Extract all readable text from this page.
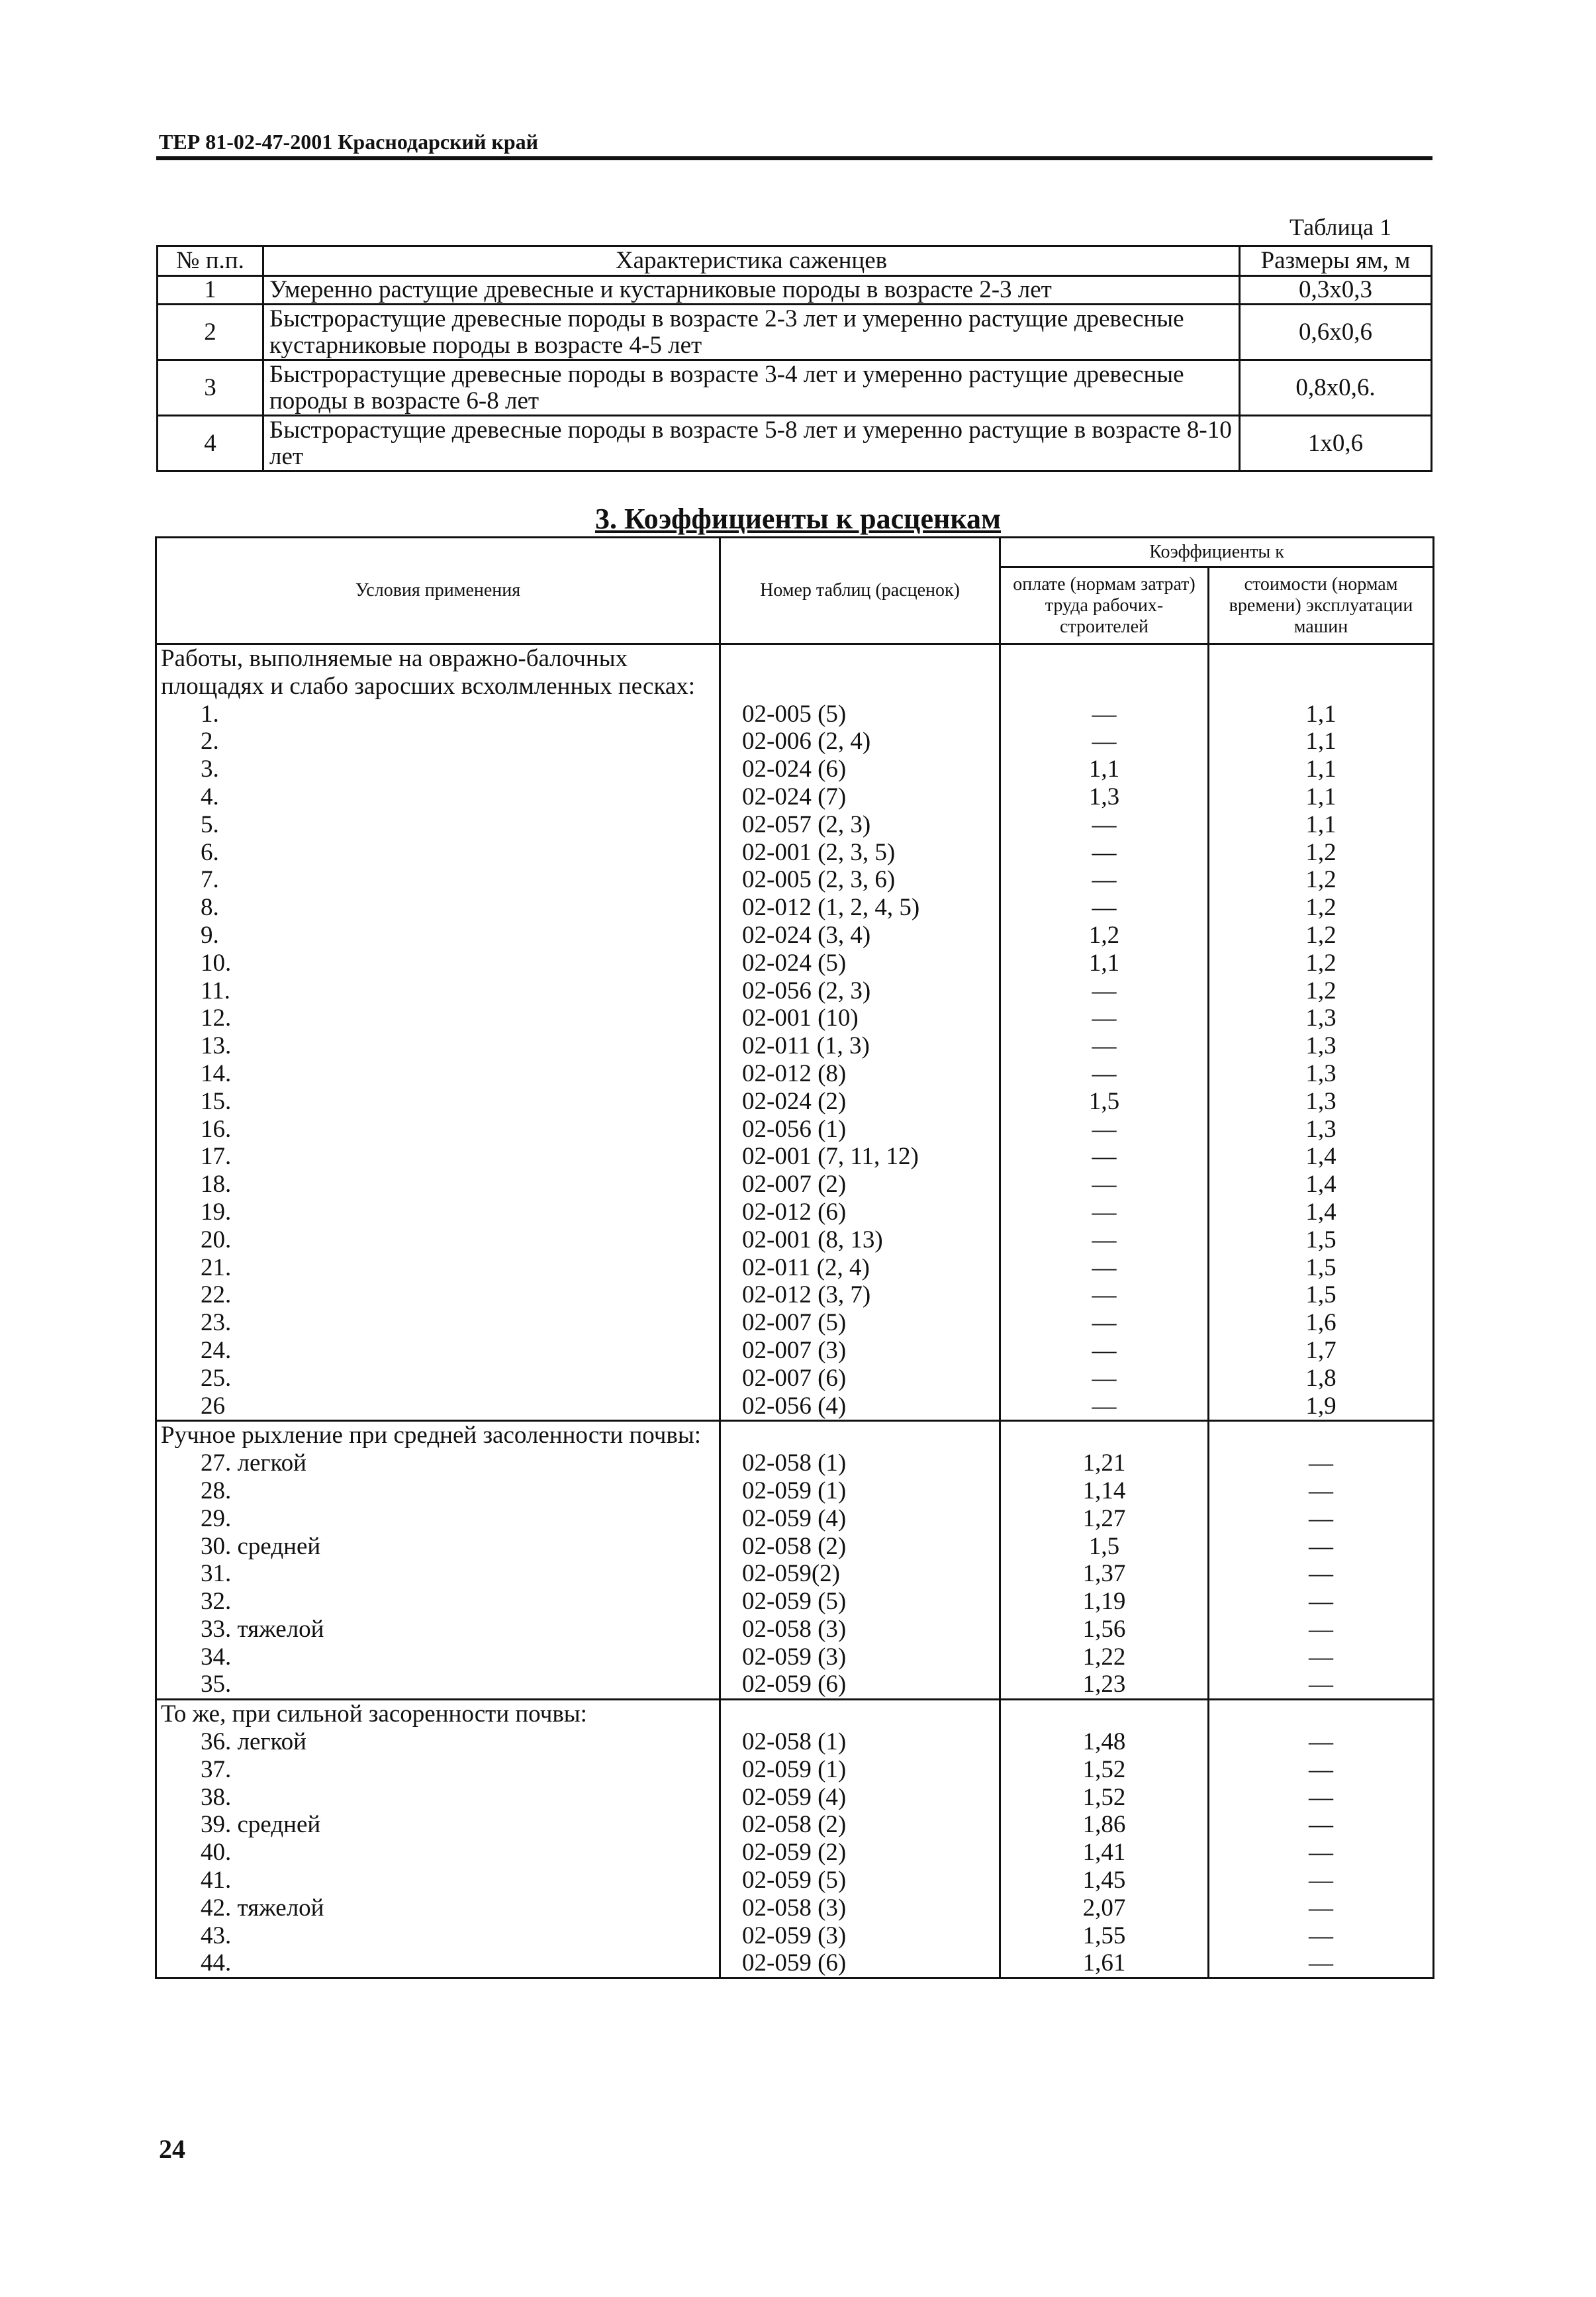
ТЕР 81-02-47-2001 Краснодарский край
Таблица 1
№ п.п.	Характеристика саженцев	Размеры ям, м
1	Умеренно растущие древесные и кустарниковые породы в возрасте 2-3 лет	0,3х0,3
2	Быстрорастущие древесные породы в возрасте 2-3 лет и умеренно растущие древесные кустарниковые породы в возрасте 4-5 лет	0,6х0,6
3	Быстрорастущие древесные породы в возрасте 3-4 лет и умеренно растущие древесные породы в возрасте 6-8 лет	0,8х0,6.
4	Быстрорастущие древесные породы в возрасте 5-8 лет и умеренно растущие в возрасте 8-10 лет	1х0,6
3. Коэффициенты к расценкам
Условия применения	Номер таблиц (расценок)	Коэффициенты к	
		оплате (нормам затрат) труда рабочих-строителей	стоимости (нормам времени) эксплуатации машин
Работы, выполняемые на овражно-балочных площадях и слабо заросших всхолмленных песках:			
1.	02-005 (5)	—	1,1
2.	02-006 (2, 4)	—	1,1
3.	02-024 (6)	1,1	1,1
4.	02-024 (7)	1,3	1,1
5.	02-057 (2, 3)	—	1,1
6.	02-001 (2, 3, 5)	—	1,2
7.	02-005 (2, 3, 6)	—	1,2
8.	02-012 (1, 2, 4, 5)	—	1,2
9.	02-024 (3, 4)	1,2	1,2
10.	02-024 (5)	1,1	1,2
11.	02-056 (2, 3)	—	1,2
12.	02-001 (10)	—	1,3
13.	02-011 (1, 3)	—	1,3
14.	02-012 (8)	—	1,3
15.	02-024 (2)	1,5	1,3
16.	02-056 (1)	—	1,3
17.	02-001 (7, 11, 12)	—	1,4
18.	02-007 (2)	—	1,4
19.	02-012 (6)	—	1,4
20.	02-001 (8, 13)	—	1,5
21.	02-011 (2, 4)	—	1,5
22.	02-012 (3, 7)	—	1,5
23.	02-007 (5)	—	1,6
24.	02-007 (3)	—	1,7
25.	02-007 (6)	—	1,8
26	02-056 (4)	—	1,9
Ручное рыхление при средней засоленности почвы:			
27. легкой	02-058 (1)	1,21	—
28.	02-059 (1)	1,14	—
29.	02-059 (4)	1,27	—
30. средней	02-058 (2)	1,5	—
31.	02-059(2)	1,37	—
32.	02-059 (5)	1,19	—
33. тяжелой	02-058 (3)	1,56	—
34.	02-059 (3)	1,22	—
35.	02-059 (6)	1,23	—
То же, при сильной засоренности почвы:			
36. легкой	02-058 (1)	1,48	—
37.	02-059 (1)	1,52	—
38.	02-059 (4)	1,52	—
39. средней	02-058 (2)	1,86	—
40.	02-059 (2)	1,41	—
41.	02-059 (5)	1,45	—
42. тяжелой	02-058 (3)	2,07	—
43.	02-059 (3)	1,55	—
44.	02-059 (6)	1,61	—
24
